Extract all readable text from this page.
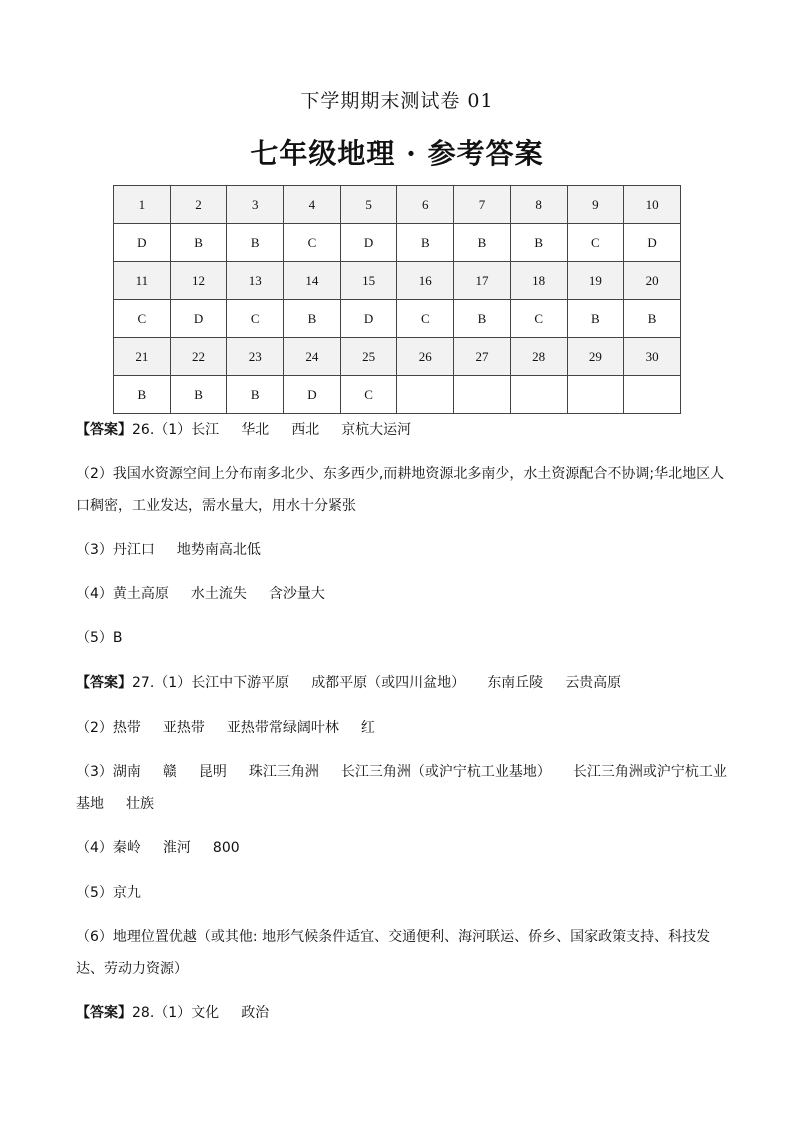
下学期期末测试卷 01
七年级地理 · 参考答案
1	2	3	4	5	6	7	8	9	10
D	B	B	C	D	B	B	B	C	D
11	12	13	14	15	16	17	18	19	20
C	D	C	B	D	C	B	C	B	B
21	22	23	24	25	26	27	28	29	30
B	B	B	D	C					
【答案】26.（1）长江 华北 西北 京杭大运河
（2）我国水资源空间上分布南多北少、东多西少,而耕地资源北多南少，水土资源配合不协调;华北地区人口稠密，工业发达，需水量大，用水十分紧张
（3）丹江口 地势南高北低
（4）黄土高原 水土流失 含沙量大
（5）B
【答案】27.（1）长江中下游平原 成都平原（或四川盆地） 东南丘陵 云贵高原
（2）热带 亚热带 亚热带常绿阔叶林 红
（3）湖南 赣 昆明 珠江三角洲 长江三角洲（或沪宁杭工业基地） 长江三角洲或沪宁杭工业基地 壮族
（4）秦岭 淮河 800
（5）京九
（6）地理位置优越（或其他: 地形气候条件适宜、交通便利、海河联运、侨乡、国家政策支持、科技发达、劳动力资源）
【答案】28.（1）文化 政治
